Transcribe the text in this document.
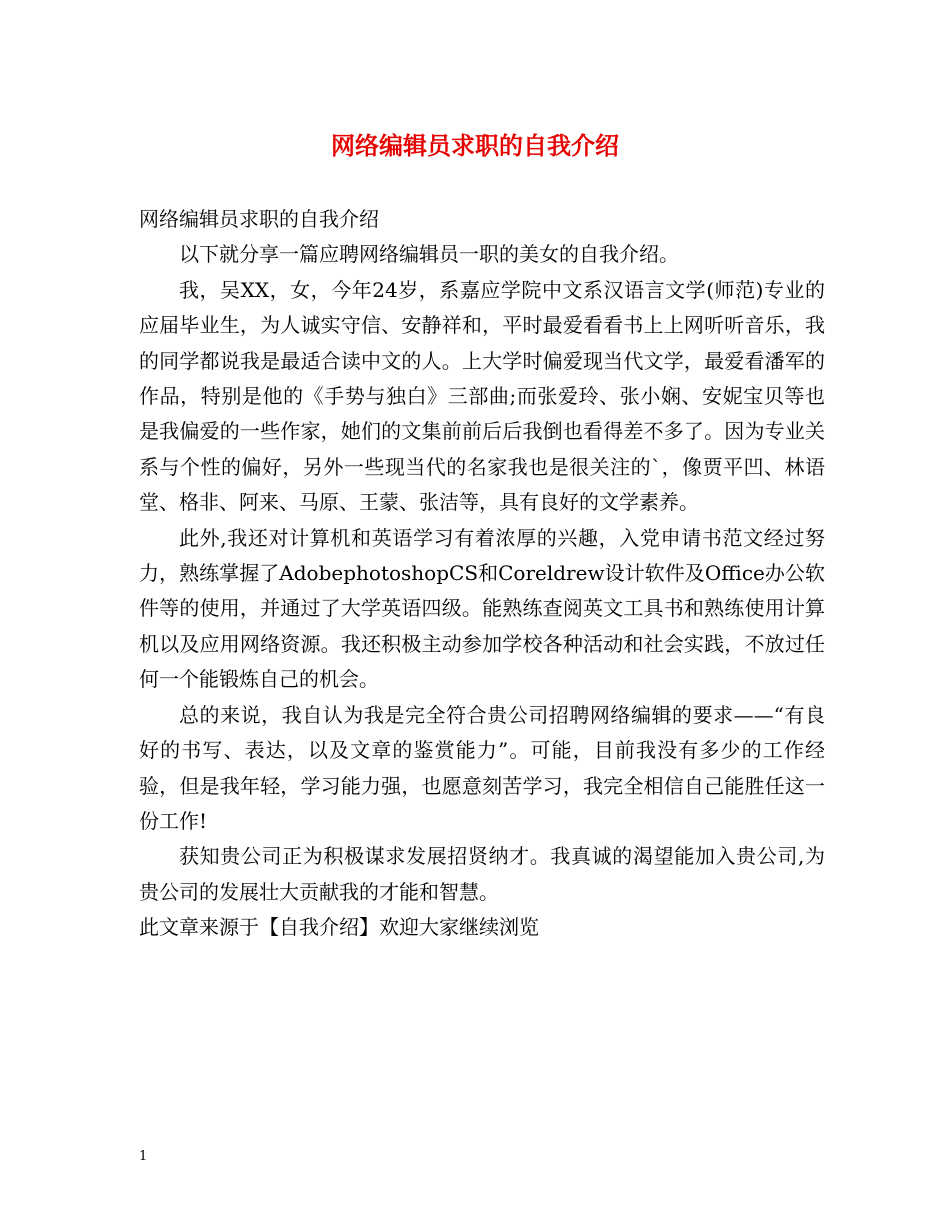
网络编辑员求职的自我介绍

网络编辑员求职的自我介绍

以下就分享一篇应聘网络编辑员一职的美女的自我介绍。

我，吴XX，女，今年24岁，系嘉应学院中文系汉语言文学(师范)专业的应届毕业生，为人诚实守信、安静祥和，平时最爱看看书上上网听听音乐，我的同学都说我是最适合读中文的人。上大学时偏爱现当代文学，最爱看潘军的作品，特别是他的《手势与独白》三部曲;而张爱玲、张小娴、安妮宝贝等也是我偏爱的一些作家，她们的文集前前后后我倒也看得差不多了。因为专业关系与个性的偏好，另外一些现当代的名家我也是很关注的`，像贾平凹、林语堂、格非、阿来、马原、王蒙、张洁等，具有良好的文学素养。

此外,我还对计算机和英语学习有着浓厚的兴趣，入党申请书范文经过努力，熟练掌握了AdobephotoshopCS和Coreldrew设计软件及Office办公软件等的使用，并通过了大学英语四级。能熟练查阅英文工具书和熟练使用计算机以及应用网络资源。我还积极主动参加学校各种活动和社会实践，不放过任何一个能锻炼自己的机会。

总的来说，我自认为我是完全符合贵公司招聘网络编辑的要求——“有良好的书写、表达，以及文章的鉴赏能力”。可能，目前我没有多少的工作经验，但是我年轻，学习能力强，也愿意刻苦学习，我完全相信自己能胜任这一份工作!

获知贵公司正为积极谋求发展招贤纳才。我真诚的渴望能加入贵公司,为贵公司的发展壮大贡献我的才能和智慧。

此文章来源于【自我介绍】欢迎大家继续浏览

1
